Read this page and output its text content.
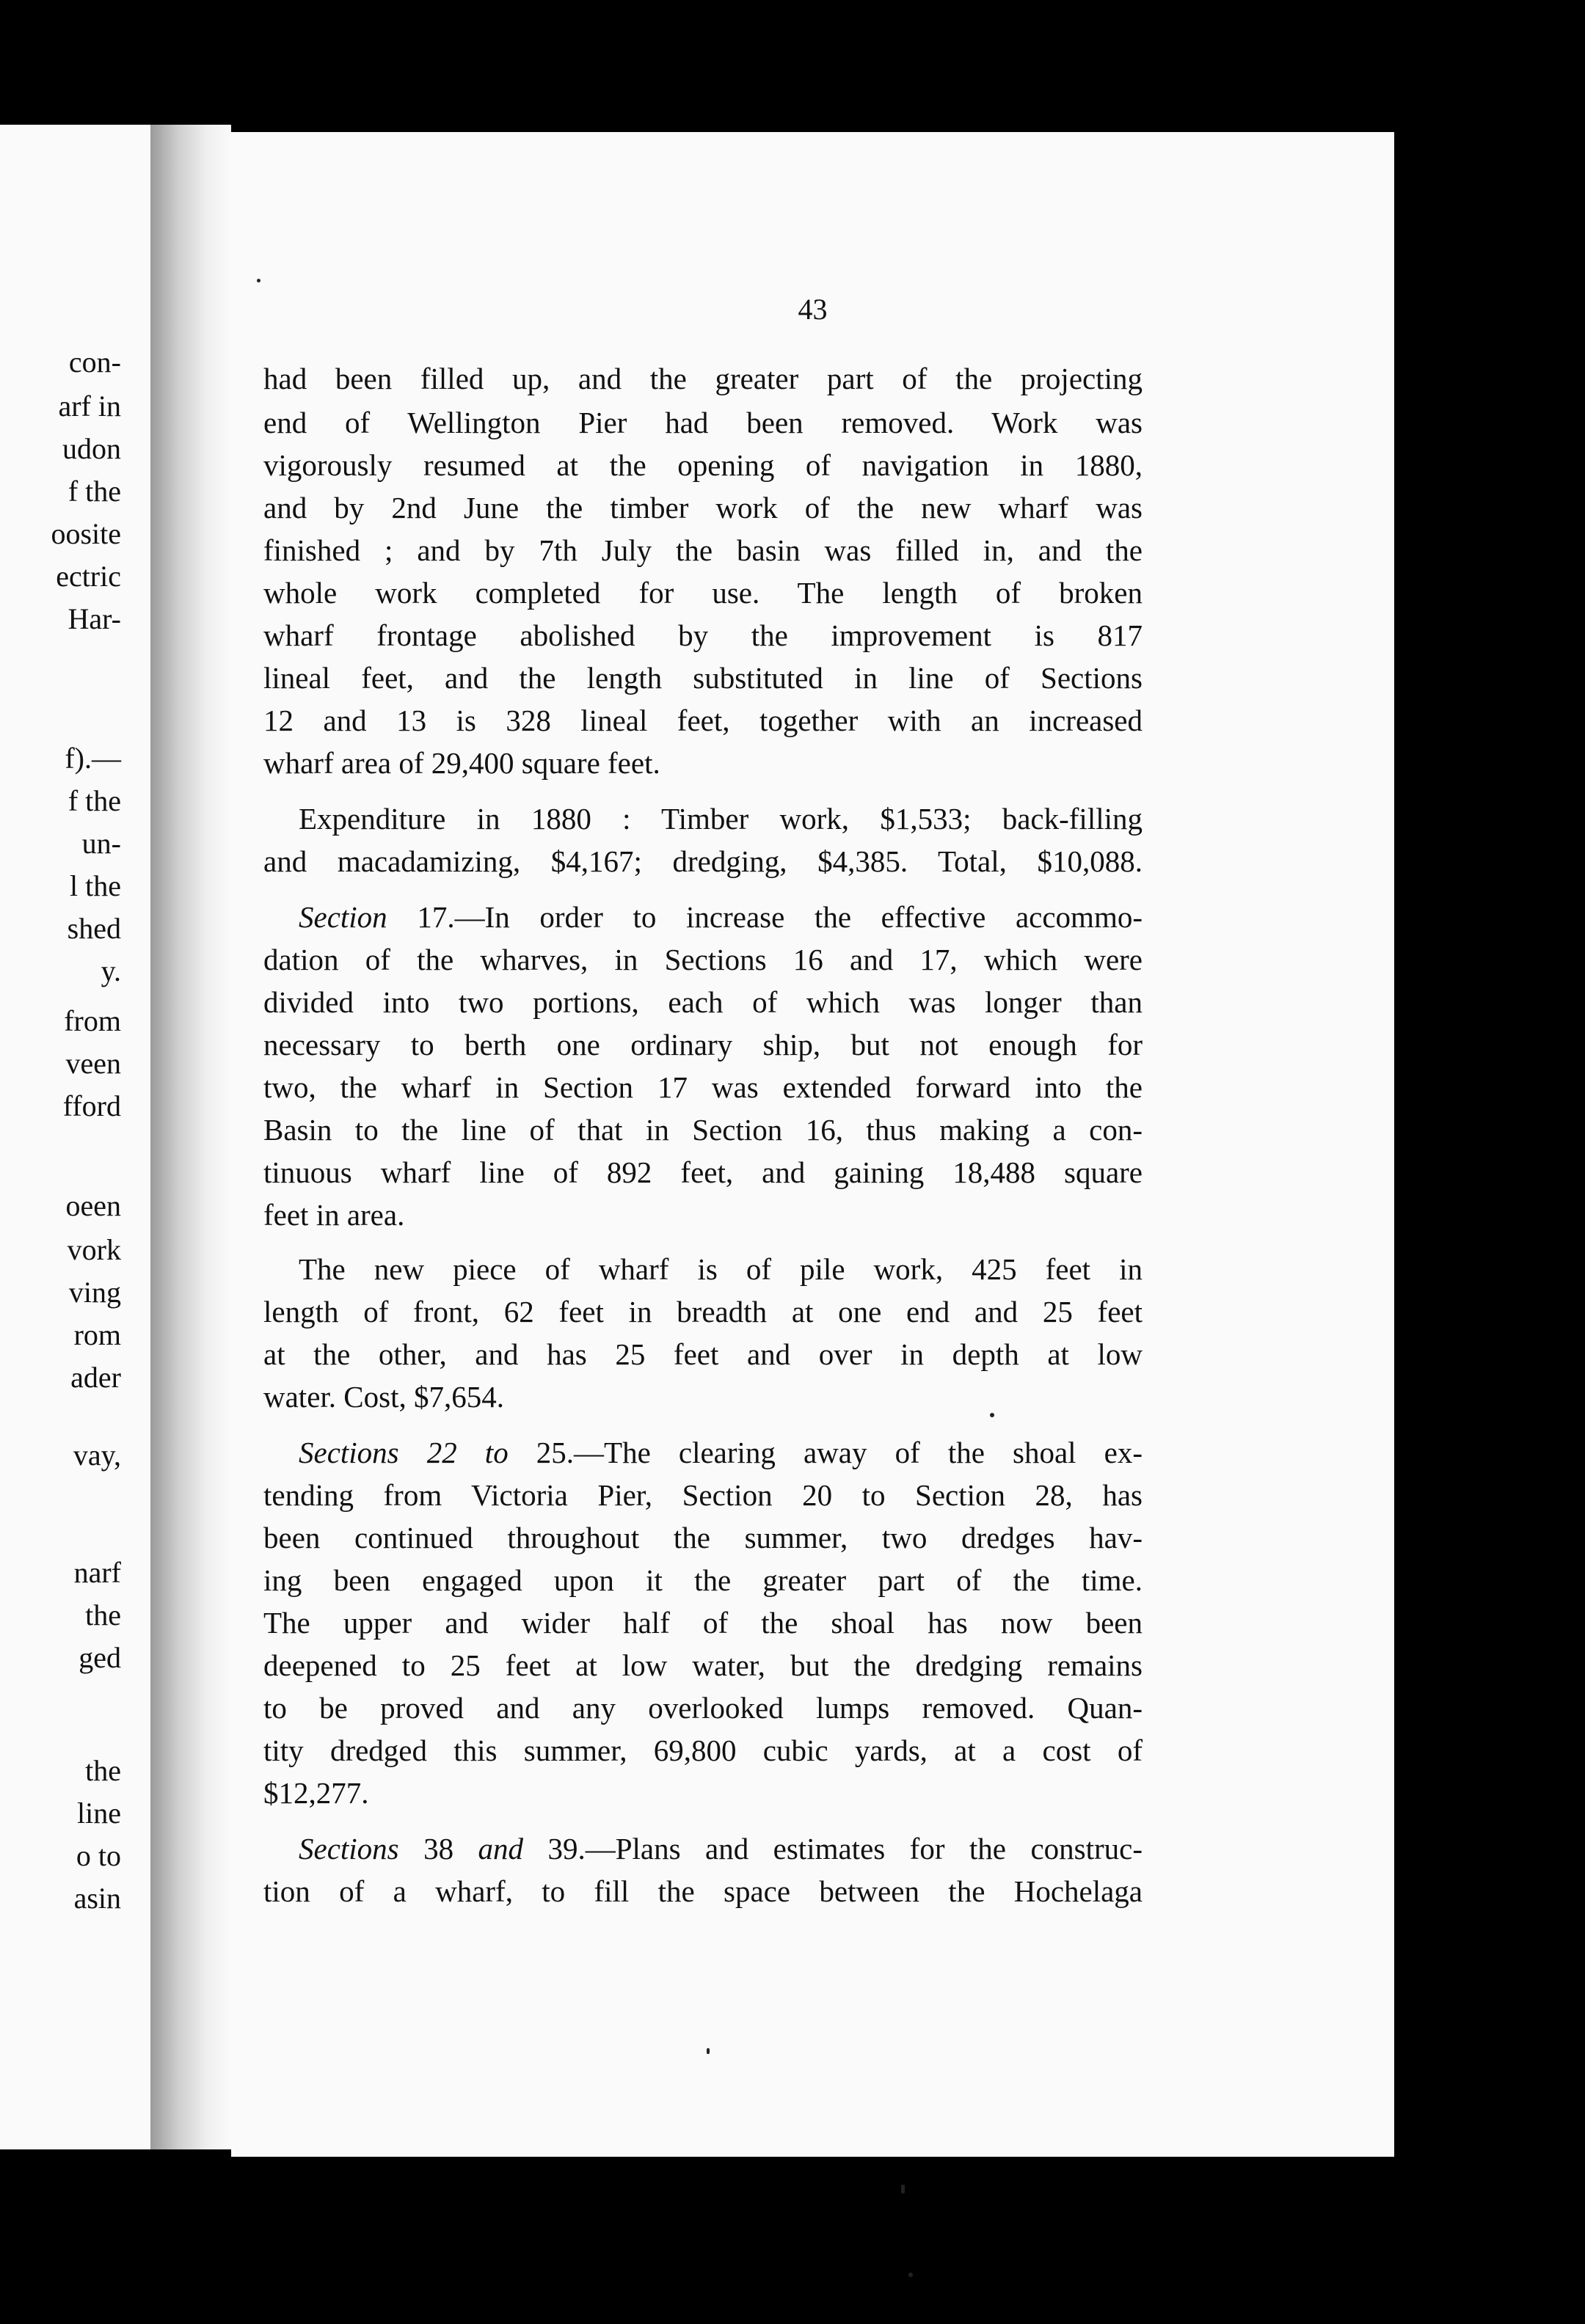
con-
arf in
udon
f the
oosite
ectric
Har-
f).—
f the
un-
l the
shed
y.
from
veen
fford
oeen
vork
ving
rom
ader
vay,
narf
the
ged
the
line
o to
asin
43
had been filled up, and the greater part of the projecting
end of Wellington Pier had been removed. Work was
vigorously resumed at the opening of navigation in 1880,
and by 2nd June the timber work of the new wharf was
finished ; and by 7th July the basin was filled in, and the
whole work completed for use. The length of broken
wharf frontage abolished by the improvement is 817
lineal feet, and the length substituted in line of Sections
12 and 13 is 328 lineal feet, together with an increased
wharf area of 29,400 square feet.
Expenditure in 1880 : Timber work, $1,533; back-filling
and macadamizing, $4,167; dredging, $4,385. Total, $10,088.
Section 17.—In order to increase the effective accommo-
dation of the wharves, in Sections 16 and 17, which were
divided into two portions, each of which was longer than
necessary to berth one ordinary ship, but not enough for
two, the wharf in Section 17 was extended forward into the
Basin to the line of that in Section 16, thus making a con-
tinuous wharf line of 892 feet, and gaining 18,488 square
feet in area.
The new piece of wharf is of pile work, 425 feet in
length of front, 62 feet in breadth at one end and 25 feet
at the other, and has 25 feet and over in depth at low
water. Cost, $7,654.
Sections 22 to 25.—The clearing away of the shoal ex-
tending from Victoria Pier, Section 20 to Section 28, has
been continued throughout the summer, two dredges hav-
ing been engaged upon it the greater part of the time.
The upper and wider half of the shoal has now been
deepened to 25 feet at low water, but the dredging remains
to be proved and any overlooked lumps removed. Quan-
tity dredged this summer, 69,800 cubic yards, at a cost of
$12,277.
Sections 38 and 39.—Plans and estimates for the construc-
tion of a wharf, to fill the space between the Hochelaga
